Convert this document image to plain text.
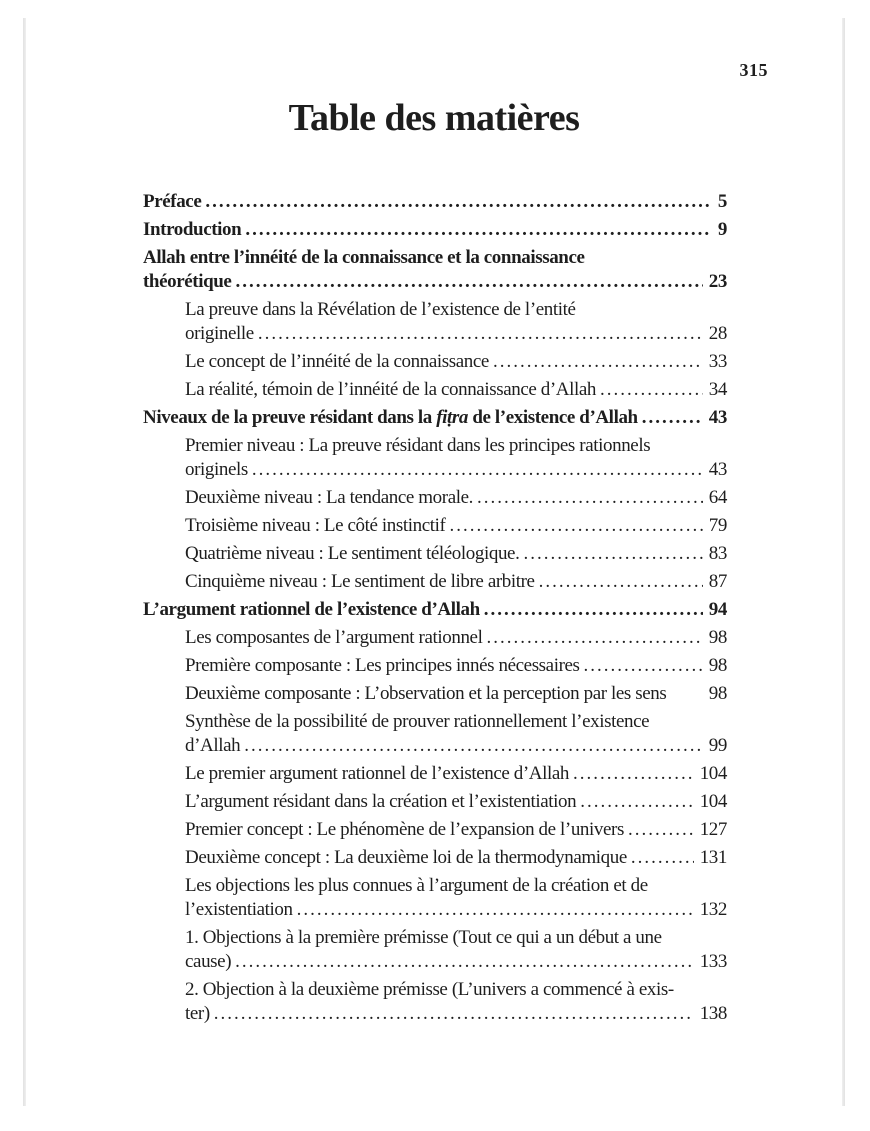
315
Table des matières
Préface .....	5
Introduction .....	9
Allah entre l’innéité de la connaissance et la connaissance
théorétique .....	23
La preuve dans la Révélation de l’existence de l’entité
originelle .....	28
Le concept de l’innéité de la connaissance .....	33
La réalité, témoin de l’innéité de la connaissance d’Allah .....	34
Niveaux de la preuve résidant dans la fiṭra de l’existence d’Allah .....	43
Premier niveau : La preuve résidant dans les principes rationnels
originels .....	43
Deuxième niveau : La tendance morale. .....	64
Troisième niveau : Le côté instinctif .....	79
Quatrième niveau : Le sentiment téléologique. .....	83
Cinquième niveau : Le sentiment de libre arbitre .....	87
L’argument rationnel de l’existence d’Allah .....	94
Les composantes de l’argument rationnel .....	98
Première composante : Les principes innés nécessaires .....	98
Deuxième composante : L’observation et la perception par les sens 98
Synthèse de la possibilité de prouver rationnellement l’existence
d’Allah .....	99
Le premier argument rationnel de l’existence d’Allah .....	104
L’argument résidant dans la création et l’existentiation .....	104
Premier concept : Le phénomène de l’expansion de l’univers .....	127
Deuxième concept : La deuxième loi de la thermodynamique .....	131
Les objections les plus connues à l’argument de la création et de
l’existentiation .....	132
1. Objections à la première prémisse (Tout ce qui a un début a une
cause) .....	133
2. Objection à la deuxième prémisse (L’univers a commencé à exis-
ter) .....	138
